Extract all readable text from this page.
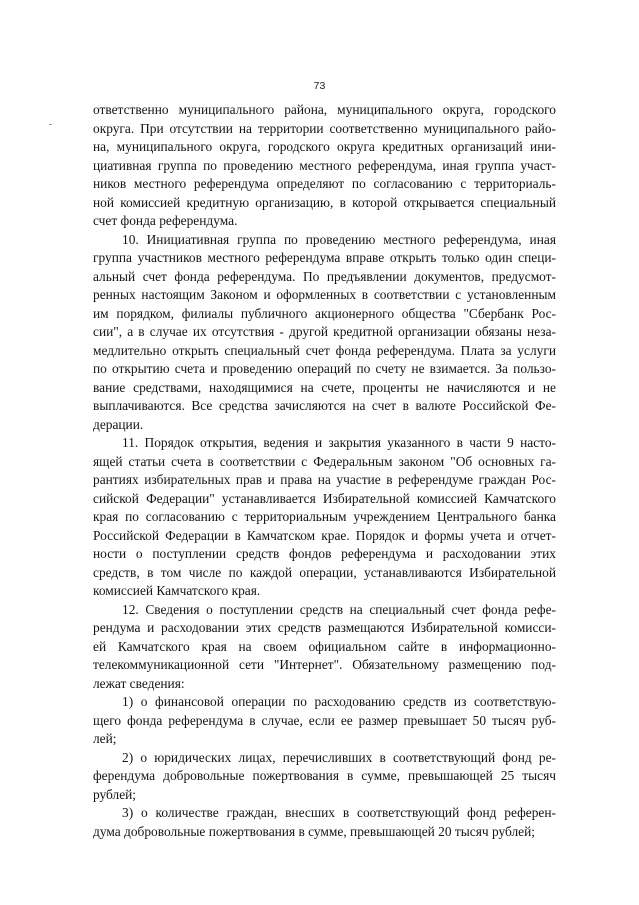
73
ответственно муниципального района, муниципального округа, городского
округа. При отсутствии на территории соответственно муниципального райо-
на, муниципального округа, городского округа кредитных организаций ини-
циативная группа по проведению местного референдума, иная группа участ-
ников местного референдума определяют по согласованию с территориаль-
ной комиссией кредитную организацию, в которой открывается специальный
счет фонда референдума.
10. Инициативная группа по проведению местного референдума, иная
группа участников местного референдума вправе открыть только один специ-
альный счет фонда референдума. По предъявлении документов, предусмот-
ренных настоящим Законом и оформленных в соответствии с установленным
им порядком, филиалы публичного акционерного общества "Сбербанк Рос-
сии", а в случае их отсутствия - другой кредитной организации обязаны неза-
медлительно открыть специальный счет фонда референдума. Плата за услуги
по открытию счета и проведению операций по счету не взимается. За пользо-
вание средствами, находящимися на счете, проценты не начисляются и не
выплачиваются. Все средства зачисляются на счет в валюте Российской Фе-
дерации.
11. Порядок открытия, ведения и закрытия указанного в части 9 насто-
ящей статьи счета в соответствии с Федеральным законом "Об основных га-
рантиях избирательных прав и права на участие в референдуме граждан Рос-
сийской Федерации" устанавливается Избирательной комиссией Камчатского
края по согласованию с территориальным учреждением Центрального банка
Российской Федерации в Камчатском крае. Порядок и формы учета и отчет-
ности о поступлении средств фондов референдума и расходовании этих
средств, в том числе по каждой операции, устанавливаются Избирательной
комиссией Камчатского края.
12. Сведения о поступлении средств на специальный счет фонда рефе-
рендума и расходовании этих средств размещаются Избирательной комисси-
ей Камчатского края на своем официальном сайте в информационно-
телекоммуникационной сети "Интернет". Обязательному размещению под-
лежат сведения:
1) о финансовой операции по расходованию средств из соответствую-
щего фонда референдума в случае, если ее размер превышает 50 тысяч руб-
лей;
2) о юридических лицах, перечисливших в соответствующий фонд ре-
ферендума добровольные пожертвования в сумме, превышающей 25 тысяч
рублей;
3) о количестве граждан, внесших в соответствующий фонд референ-
дума добровольные пожертвования в сумме, превышающей 20 тысяч рублей;
